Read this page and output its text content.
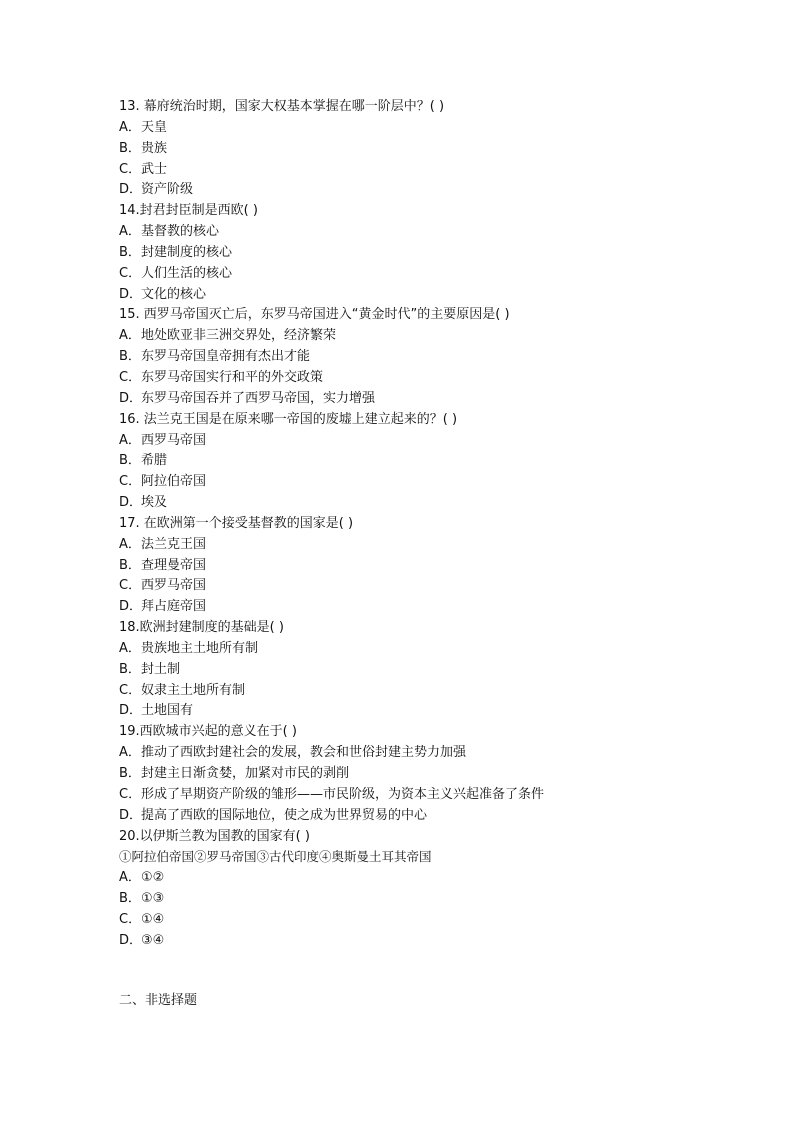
13. 幕府统治时期，国家大权基本掌握在哪一阶层中？( )
A．天皇
B．贵族
C．武士
D．资产阶级
14.封君封臣制是西欧( )
A．基督教的核心
B．封建制度的核心
C．人们生活的核心
D．文化的核心
15. 西罗马帝国灭亡后，东罗马帝国进入“黄金时代”的主要原因是( )
A．地处欧亚非三洲交界处，经济繁荣
B．东罗马帝国皇帝拥有杰出才能
C．东罗马帝国实行和平的外交政策
D．东罗马帝国吞并了西罗马帝国，实力增强
16. 法兰克王国是在原来哪一帝国的废墟上建立起来的？( )
A．西罗马帝国
B．希腊
C．阿拉伯帝国
D．埃及
17. 在欧洲第一个接受基督教的国家是( )
A．法兰克王国
B．查理曼帝国
C．西罗马帝国
D．拜占庭帝国
18.欧洲封建制度的基础是( )
A．贵族地主土地所有制
B．封土制
C．奴隶主土地所有制
D．土地国有
19.西欧城市兴起的意义在于( )
A．推动了西欧封建社会的发展，教会和世俗封建主势力加强
B．封建主日渐贪婪，加紧对市民的剥削
C．形成了早期资产阶级的雏形——市民阶级，为资本主义兴起准备了条件
D．提高了西欧的国际地位，使之成为世界贸易的中心
20.以伊斯兰教为国教的国家有( )
①阿拉伯帝国②罗马帝国③古代印度④奥斯曼土耳其帝国
A．①②
B．①③
C．①④
D．③④
二、非选择题
